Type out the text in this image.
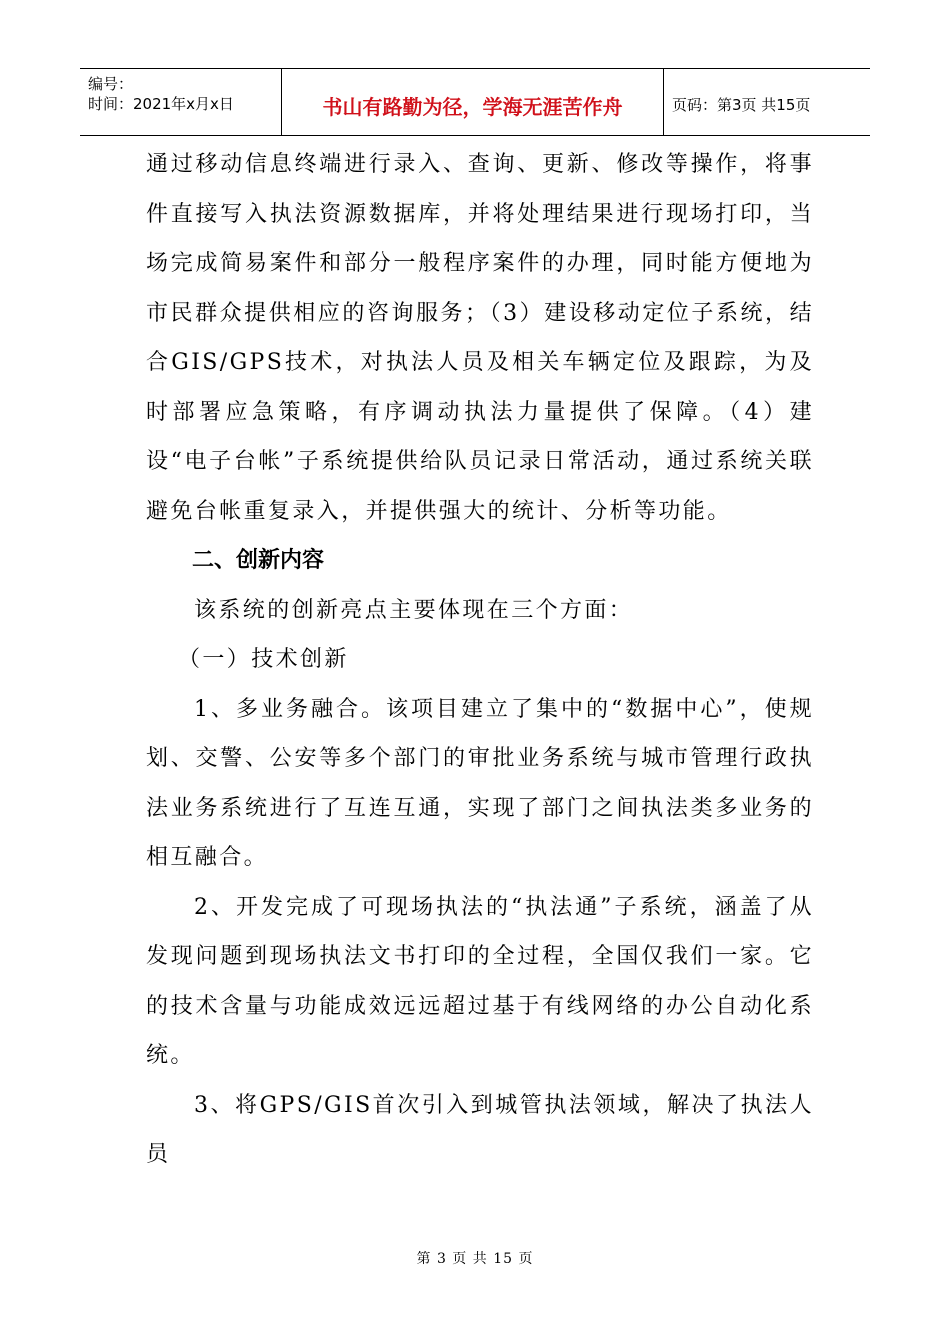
编号：
时间：2021年x月x日	书山有路勤为径，学海无涯苦作舟	页码：第3页 共15页

通过移动信息终端进行录入、查询、更新、修改等操作，将事件直接写入执法资源数据库，并将处理结果进行现场打印，当场完成简易案件和部分一般程序案件的办理，同时能方便地为市民群众提供相应的咨询服务；（3）建设移动定位子系统，结合GIS/GPS技术，对执法人员及相关车辆定位及跟踪，为及时部署应急策略，有序调动执法力量提供了保障。（4）建设“电子台帐”子系统提供给队员记录日常活动，通过系统关联避免台帐重复录入，并提供强大的统计、分析等功能。

二、创新内容

该系统的创新亮点主要体现在三个方面：

（一）技术创新

1、多业务融合。该项目建立了集中的“数据中心”，使规划、交警、公安等多个部门的审批业务系统与城市管理行政执法业务系统进行了互连互通，实现了部门之间执法类多业务的相互融合。

2、开发完成了可现场执法的“执法通”子系统，涵盖了从发现问题到现场执法文书打印的全过程，全国仅我们一家。它的技术含量与功能成效远远超过基于有线网络的办公自动化系统。

3、将GPS/GIS首次引入到城管执法领域，解决了执法人员

第 3 页 共 15 页
